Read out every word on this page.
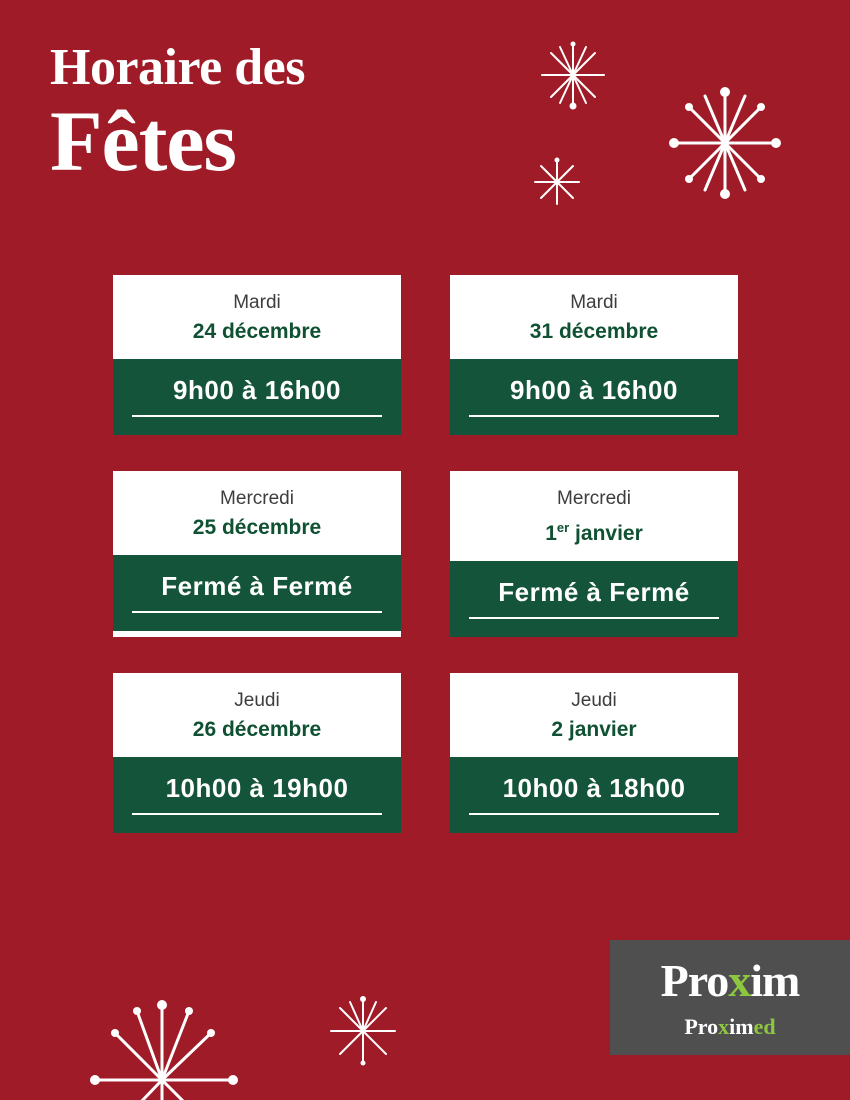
Horaire des
Fêtes
Mardi
24 décembre
9h00 à 16h00
Mardi
31 décembre
9h00 à 16h00
Mercredi
25 décembre
Fermé à Fermé
Mercredi
1er janvier
Fermé à Fermé
Jeudi
26 décembre
10h00 à 19h00
Jeudi
2 janvier
10h00 à 18h00
Proxim
Proximed
